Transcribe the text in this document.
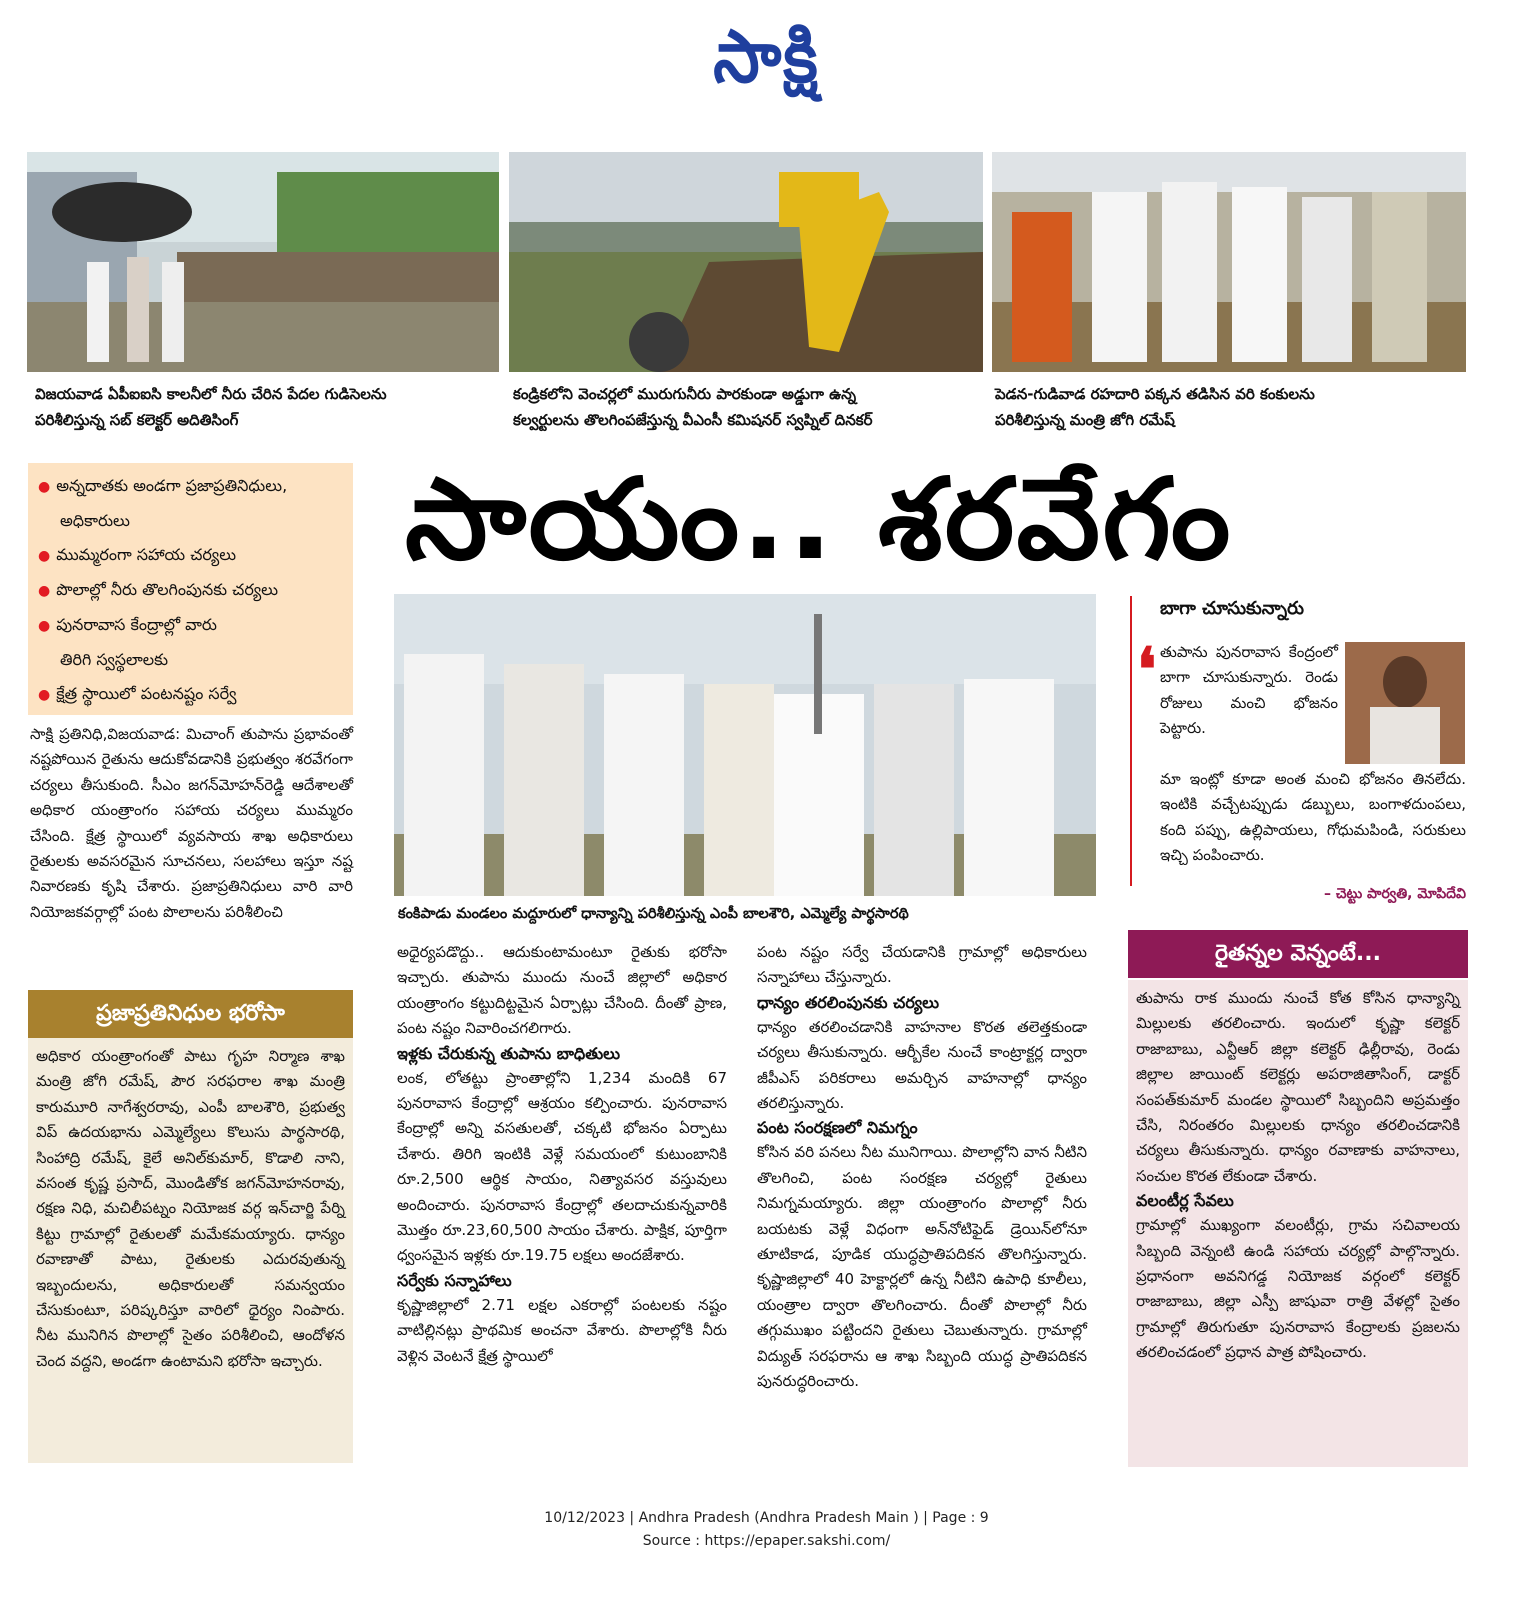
సాక్షి
విజయవాడ ఏపీఐఐసి కాలనీలో నీరు చేరిన పేదల గుడిసెలను
పరిశీలిస్తున్న సబ్ కలెక్టర్ అదితిసింగ్
కండ్రికలోని వెంచర్లలో మురుగునీరు పారకుండా అడ్డుగా ఉన్న
కల్వర్టులను తొలగింపజేస్తున్న వీఎంసీ కమిషనర్ స్వప్నిల్ దినకర్
పెడన-గుడివాడ రహదారి పక్కన తడిసిన వరి కంకులను
పరిశీలిస్తున్న మంత్రి జోగి రమేష్
సాయం.. శరవేగం
● అన్నదాతకు అండగా ప్రజాప్రతినిధులు,
అధికారులు
● ముమ్మరంగా సహాయ చర్యలు
● పొలాల్లో నీరు తొలగింపునకు చర్యలు
● పునరావాస కేంద్రాల్లో వారు
తిరిగి స్వస్థలాలకు
● క్షేత్ర స్థాయిలో పంటనష్టం సర్వే
సాక్షి ప్రతినిధి,విజయవాడ: మిచాంగ్ తుపాను ప్రభావంతో నష్టపోయిన రైతును ఆదుకోవడానికి ప్రభుత్వం శరవేగంగా చర్యలు తీసుకుంది. సీఎం జగన్‌మోహన్‌రెడ్డి ఆదేశాలతో అధికార యంత్రాంగం సహాయ చర్యలు ముమ్మరం చేసింది. క్షేత్ర స్థాయిలో వ్యవసాయ శాఖ అధికారులు రైతులకు అవసరమైన సూచనలు, సలహాలు ఇస్తూ నష్ట నివారణకు కృషి చేశారు. ప్రజాప్రతినిధులు వారి వారి నియోజకవర్గాల్లో పంట పొలాలను పరిశీలించి
ప్రజాప్రతినిధుల భరోసా
అధికార యంత్రాంగంతో పాటు గృహ నిర్మాణ శాఖ మంత్రి జోగి రమేష్, పౌర సరఫరాల శాఖ మంత్రి కారుమూరి నాగేశ్వరరావు, ఎంపీ బాలశౌరి, ప్రభుత్వ విప్ ఉదయభాను ఎమ్మెల్యేలు కొలుసు పార్థసారథి, సింహాద్రి రమేష్, కైలే అనిల్‌కుమార్, కొడాలి నాని, వసంత కృష్ణ ప్రసాద్, మొండితోక జగన్‌మోహనరావు, రక్షణ నిధి, మచిలీపట్నం నియోజక వర్గ ఇన్‌చార్జి పేర్ని కిట్టు గ్రామాల్లో రైతులతో మమేకమయ్యారు. ధాన్యం రవాణాతో పాటు, రైతులకు ఎదురవుతున్న ఇబ్బందులను, అధికారులతో సమన్వయం చేసుకుంటూ, పరిష్కరిస్తూ వారిలో ధైర్యం నింపారు. నీట మునిగిన పొలాల్లో సైతం పరిశీలించి, ఆందోళన చెంద వద్దని, అండగా ఉంటామని భరోసా ఇచ్చారు.
కంకిపాడు మండలం మద్దూరులో ధాన్యాన్ని పరిశీలిస్తున్న ఎంపీ బాలశౌరి, ఎమ్మెల్యే పార్థసారథి
బాగా చూసుకున్నారు
❛ తుపాను పునరావాస కేంద్రంలో బాగా చూసుకున్నారు. రెండు రోజులు మంచి భోజనం పెట్టారు.
మా ఇంట్లో కూడా అంత మంచి భోజనం తినలేదు. ఇంటికి వచ్చేటప్పుడు డబ్బులు, బంగాళదుంపలు, కంది పప్పు, ఉల్లిపాయలు, గోధుమపిండి, సరుకులు ఇచ్చి పంపించారు.
– చెట్టు పార్వతి, మోపిదేవి
అధైర్యపడొద్దు.. ఆదుకుంటామంటూ రైతుకు భరోసా ఇచ్చారు. తుపాను ముందు నుంచే జిల్లాలో అధికార యంత్రాంగం కట్టుదిట్టమైన ఏర్పాట్లు చేసింది. దీంతో ప్రాణ, పంట నష్టం నివారించగలిగారు.
ఇళ్లకు చేరుకున్న తుపాను బాధితులు
లంక, లోతట్టు ప్రాంతాల్లోని 1,234 మందికి 67 పునరావాస కేంద్రాల్లో ఆశ్రయం కల్పించారు. పునరావాస కేంద్రాల్లో అన్ని వసతులతో, చక్కటి భోజనం ఏర్పాటు చేశారు. తిరిగి ఇంటికి వెళ్లే సమయంలో కుటుంబానికి రూ.2,500 ఆర్థిక సాయం, నిత్యావసర వస్తువులు అందించారు. పునరావాస కేంద్రాల్లో తలదాచుకున్నవారికి మొత్తం రూ.23,60,500 సాయం చేశారు. పాక్షిక, పూర్తిగా ధ్వంసమైన ఇళ్లకు రూ.19.75 లక్షలు అందజేశారు.
సర్వేకు సన్నాహాలు
కృష్ణాజిల్లాలో 2.71 లక్షల ఎకరాల్లో పంటలకు నష్టం వాటిల్లినట్లు ప్రాథమిక అంచనా వేశారు. పొలాల్లోకి నీరు వెళ్లిన వెంటనే క్షేత్ర స్థాయిలో
పంట నష్టం సర్వే చేయడానికి గ్రామాల్లో అధికారులు సన్నాహాలు చేస్తున్నారు.
ధాన్యం తరలింపునకు చర్యలు
ధాన్యం తరలించడానికి వాహనాల కొరత తలెత్తకుండా చర్యలు తీసుకున్నారు. ఆర్బీకేల నుంచే కాంట్రాక్టర్ల ద్వారా జీపీఎస్ పరికరాలు అమర్చిన వాహనాల్లో ధాన్యం తరలిస్తున్నారు.
పంట సంరక్షణలో నిమగ్నం
కోసిన వరి పనలు నీట మునిగాయి. పొలాల్లోని వాన నీటిని తొలగించి, పంట సంరక్షణ చర్యల్లో రైతులు నిమగ్నమయ్యారు. జిల్లా యంత్రాంగం పొలాల్లో నీరు బయటకు వెళ్లే విధంగా అన్‌నోటిఫైడ్ డ్రెయిన్‌లోనూ తూటికాడ, పూడిక యుద్ధప్రాతిపదికన తొలగిస్తున్నారు. కృష్ణాజిల్లాలో 40 హెక్టార్లలో ఉన్న నీటిని ఉపాధి కూలీలు, యంత్రాల ద్వారా తొలగించారు. దీంతో పొలాల్లో నీరు తగ్గుముఖం పట్టిందని రైతులు చెబుతున్నారు. గ్రామాల్లో విద్యుత్ సరఫరాను ఆ శాఖ సిబ్బంది యుద్ధ ప్రాతిపదికన పునరుద్ధరించారు.
రైతన్నల వెన్నంటే...
తుపాను రాక ముందు నుంచే కోత కోసిన ధాన్యాన్ని మిల్లులకు తరలించారు. ఇందులో కృష్ణా కలెక్టర్ రాజాబాబు, ఎన్టీఆర్ జిల్లా కలెక్టర్ ఢిల్లీరావు, రెండు జిల్లాల జాయింట్ కలెక్టర్లు అపరాజితాసింగ్, డాక్టర్ సంపత్‌కుమార్ మండల స్థాయిలో సిబ్బందిని అప్రమత్తం చేసి, నిరంతరం మిల్లులకు ధాన్యం తరలించడానికి చర్యలు తీసుకున్నారు. ధాన్యం రవాణాకు వాహనాలు, సంచుల కొరత లేకుండా చేశారు.
వలంటీర్ల సేవలు
గ్రామాల్లో ముఖ్యంగా వలంటీర్లు, గ్రామ సచివాలయ సిబ్బంది వెన్నంటి ఉండి సహాయ చర్యల్లో పాల్గొన్నారు. ప్రధానంగా అవనిగడ్డ నియోజక వర్గంలో కలెక్టర్ రాజాబాబు, జిల్లా ఎస్పీ జాషువా రాత్రి వేళల్లో సైతం గ్రామాల్లో తిరుగుతూ పునరావాస కేంద్రాలకు ప్రజలను తరలించడంలో ప్రధాన పాత్ర పోషించారు.
10/12/2023 | Andhra Pradesh (Andhra Pradesh Main ) | Page : 9
Source : https://epaper.sakshi.com/
